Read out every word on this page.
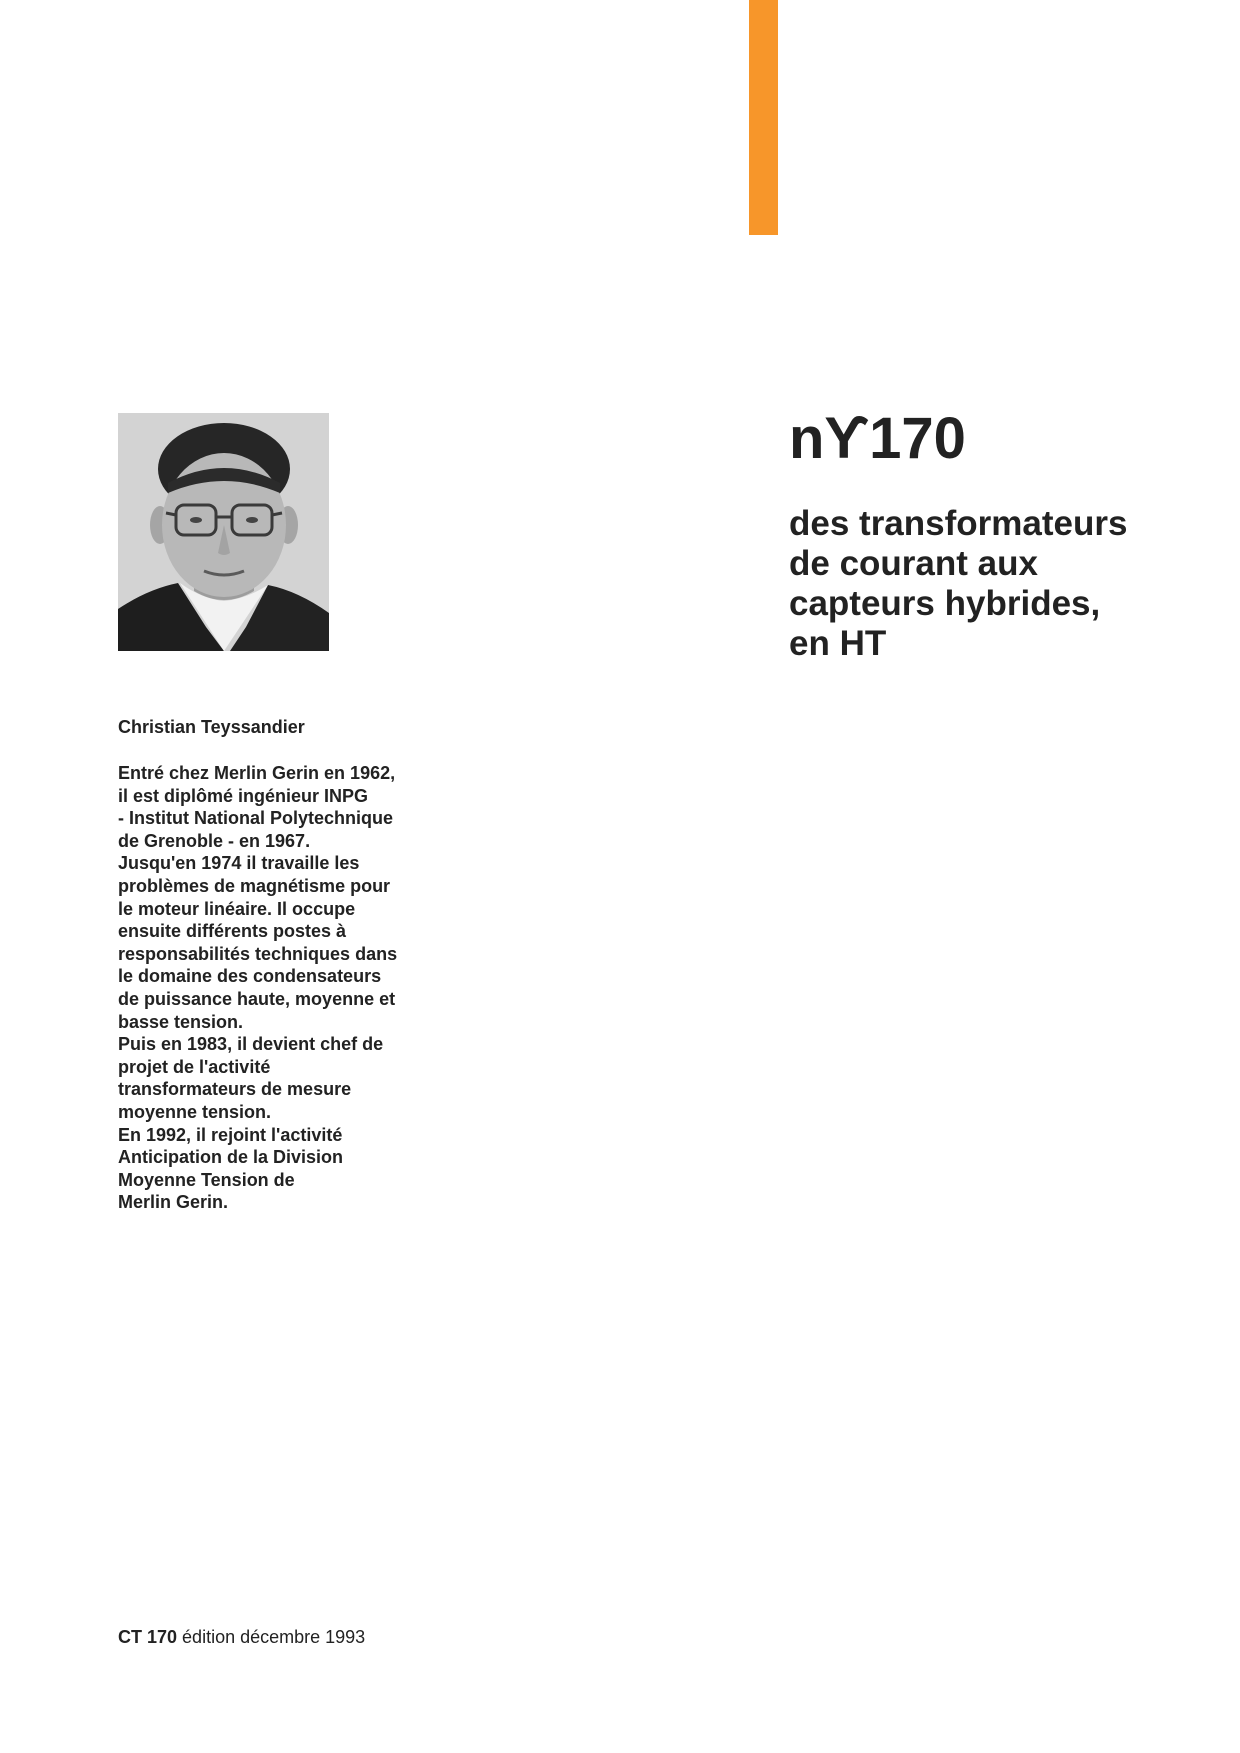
nϒ170
des transformateurs
de courant aux
capteurs hybrides,
en HT

Christian Teyssandier

Entré chez Merlin Gerin en 1962,
il est diplômé ingénieur INPG
- Institut National Polytechnique
de Grenoble - en 1967.
Jusqu'en 1974 il travaille les
problèmes de magnétisme pour
le moteur linéaire. Il occupe
ensuite différents postes à
responsabilités techniques dans
le domaine des condensateurs
de puissance haute, moyenne et
basse tension.
Puis en 1983, il devient chef de
projet de l'activité
transformateurs de mesure
moyenne tension.
En 1992, il rejoint l'activité
Anticipation de la Division
Moyenne Tension de
Merlin Gerin.

CT 170 édition décembre 1993
